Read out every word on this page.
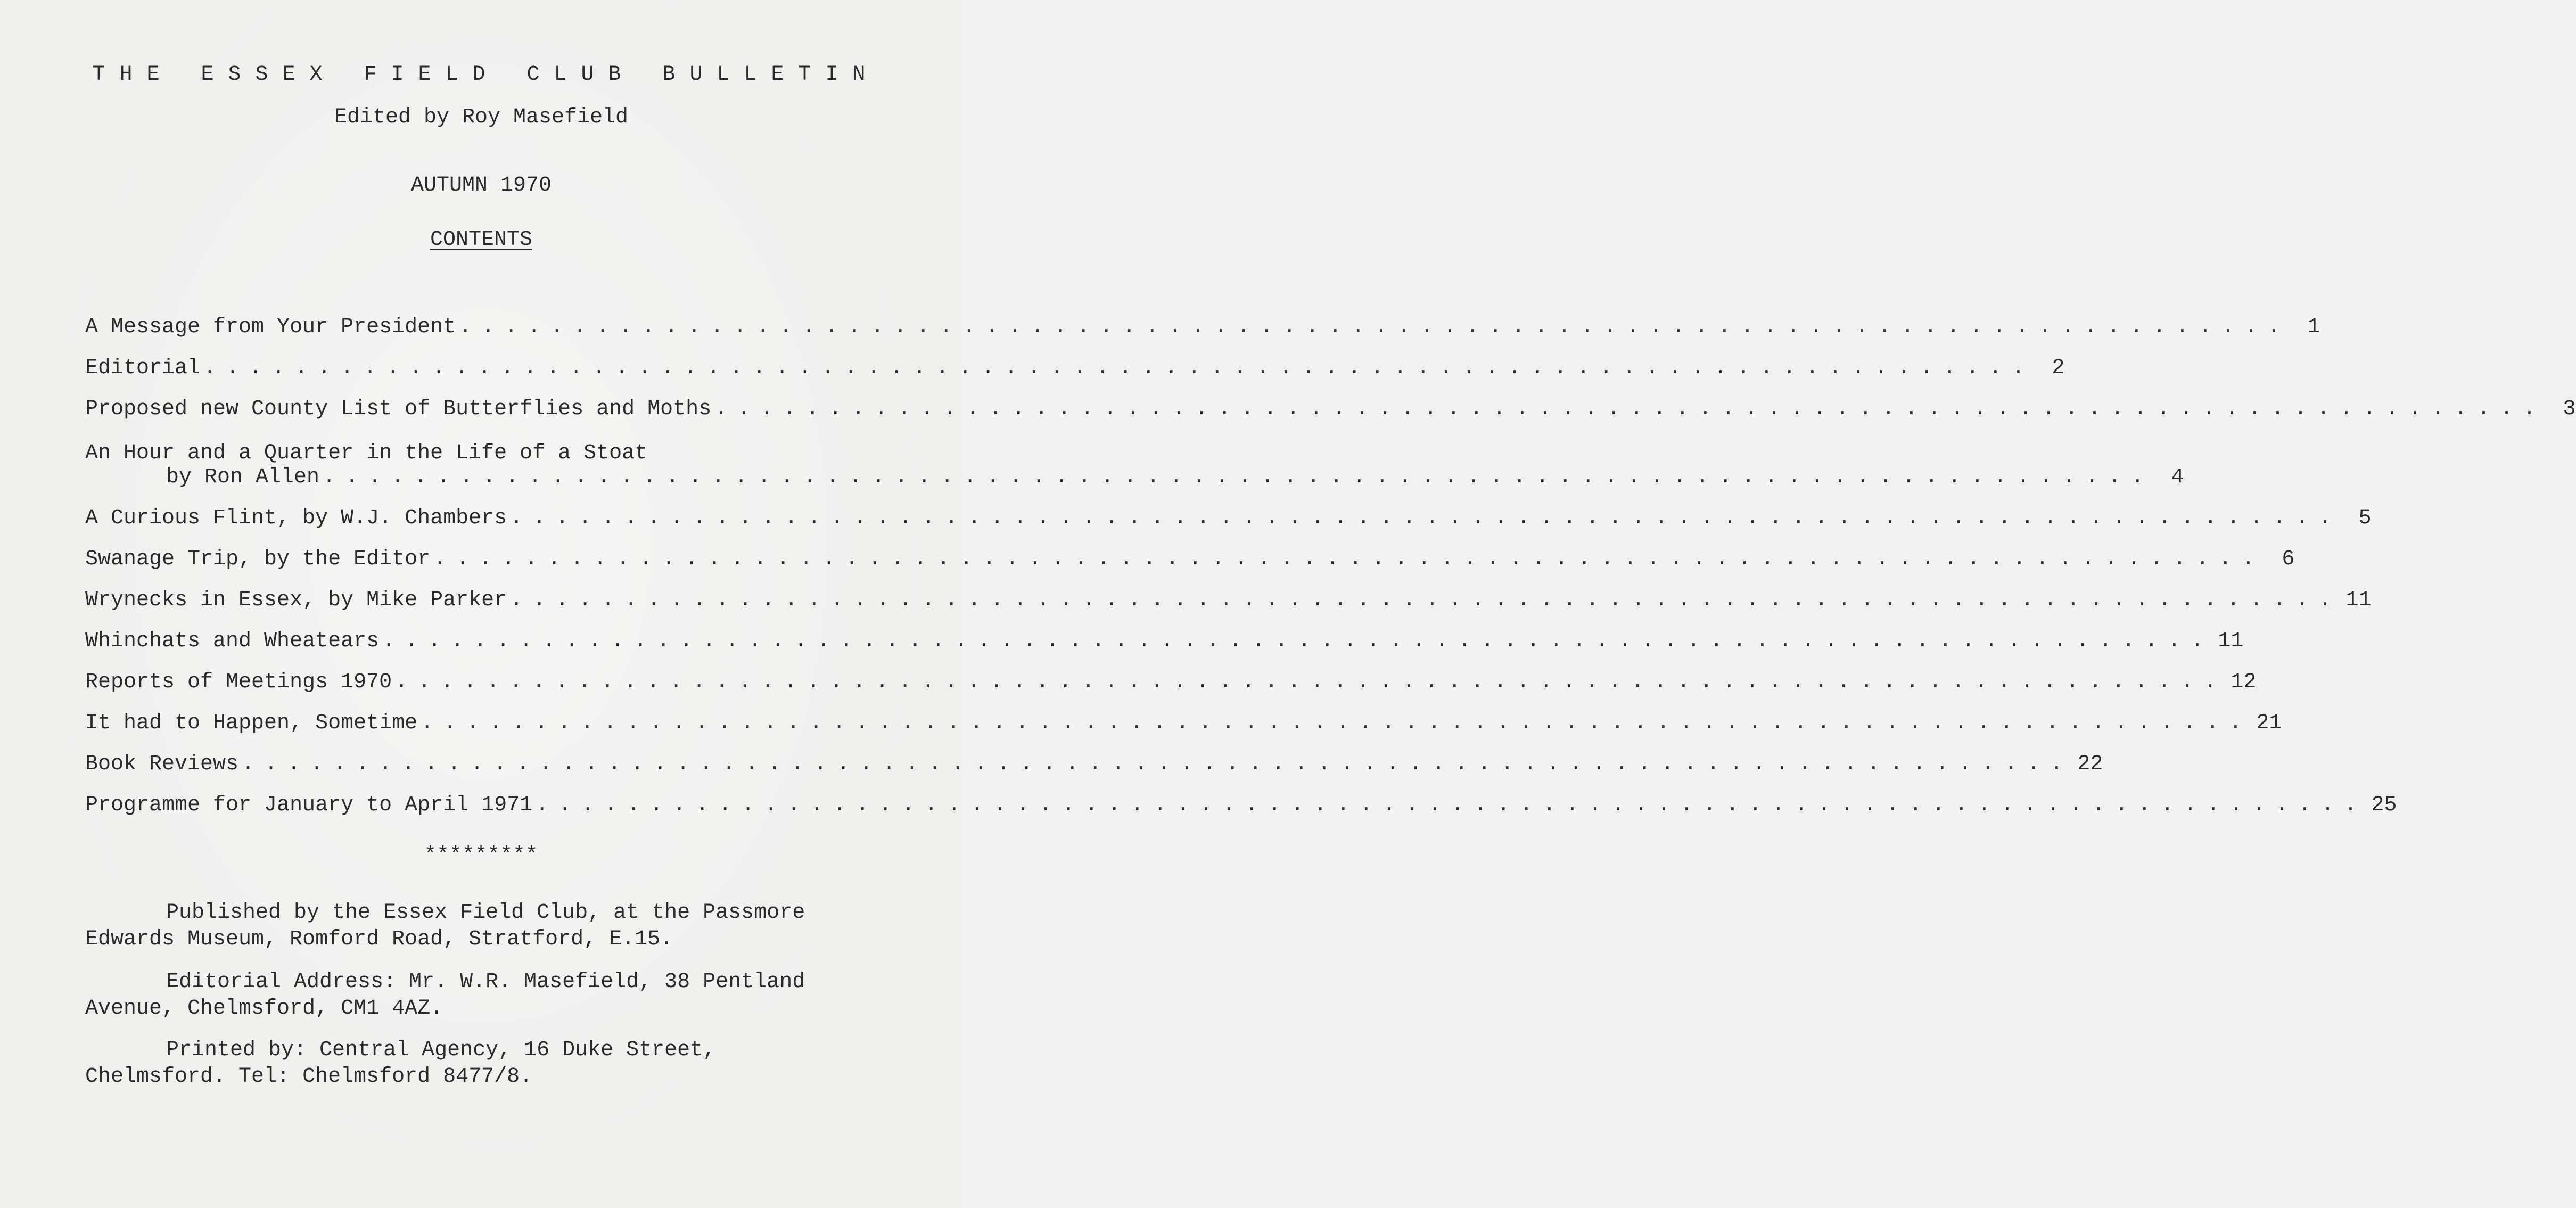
THE ESSEX FIELD CLUB BULLETIN
Edited by Roy Masefield
AUTUMN 1970
CONTENTS
A Message from Your President ................................................................................ 1
Editorial ................................................................................ 2
Proposed new County List of Butterflies and Moths ................................................................................ 3
An Hour and a Quarter in the Life of a Stoat
by Ron Allen ................................................................................ 4
A Curious Flint, by W.J. Chambers ................................................................................ 5
Swanage Trip, by the Editor ................................................................................ 6
Wrynecks in Essex, by Mike Parker ................................................................................ 11
Whinchats and Wheatears ................................................................................ 11
Reports of Meetings 1970 ................................................................................ 12
It had to Happen, Sometime ................................................................................ 21
Book Reviews ................................................................................ 22
Programme for January to April 1971 ................................................................................ 25
*********

Published by the Essex Field Club, at the Passmore Edwards Museum, Romford Road, Stratford, E.15.

Editorial Address: Mr. W.R. Masefield, 38 Pentland Avenue, Chelmsford, CM1 4AZ.

Printed by: Central Agency, 16 Duke Street, Chelmsford. Tel: Chelmsford 8477/8.
